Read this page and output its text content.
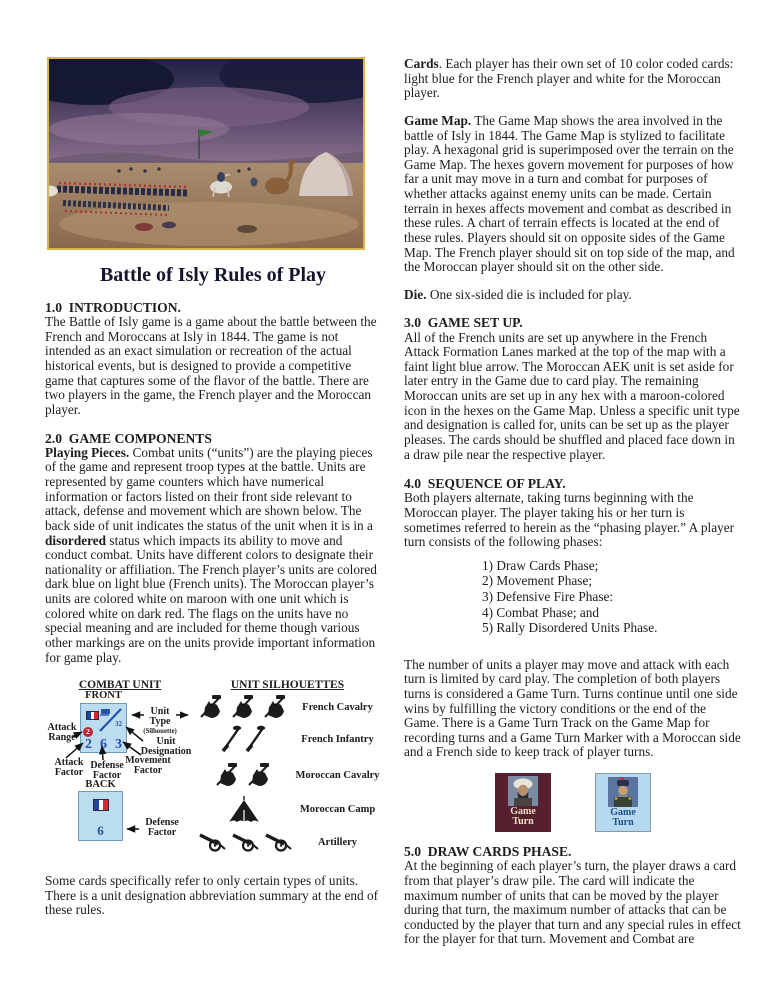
Battle of Isly Rules of Play
1.0  INTRODUCTION.

The Battle of Isly game is a game about the battle between the French and Moroccans at Isly in 1844. The game is not intended as an exact simulation or recreation of the actual historical events, but is designed to provide a competitive game that captures some of the flavor of the battle. There are two players in the game, the French player and the Moroccan player.

2.0  GAME COMPONENTS

Playing Pieces. Combat units (“units”) are the playing pieces of the game and represent troop types at the battle. Units are represented by game counters which have numerical information or factors listed on their front side relevant to attack, defense and movement which are shown below. The back side of unit indicates the status of the unit when it is in a disordered status which impacts its ability to move and conduct combat. Units have different colors to designate their nationality or affiliation. The French player’s units are colored dark blue on light blue (French units). The Moroccan player’s units are colored white on maroon with one unit which is colored white on dark red. The flags on the units have no special meaning and are included for theme though various other markings are on the units provide important information for game play.

COMBAT UNIT	UNIT SILHOUETTES
FRONT
32
2
2 6 3
Attack
Range
Unit
Type
(Silhouette)
Unit
Designation
Attack
Factor
Defense
Factor
Movement
Factor
BACK
6
Defense
Factor
French Cavalry
French Infantry
Moroccan Cavalry
Moroccan Camp
Artillery

Some cards specifically refer to only certain types of units. There is a unit designation abbreviation summary at the end of these rules.

Cards. Each player has their own set of 10 color coded cards: light blue for the French player and white for the Moroccan player.

Game Map. The Game Map shows the area involved in the battle of Isly in 1844. The Game Map is stylized to facilitate play. A hexagonal grid is superimposed over the terrain on the Game Map. The hexes govern movement for purposes of how far a unit may move in a turn and combat for purposes of whether attacks against enemy units can be made. Certain terrain in hexes affects movement and combat as described in these rules. A chart of terrain effects is located at the end of these rules. Players should sit on opposite sides of the Game Map. The French player should sit on top side of the map, and the Moroccan player should sit on the other side.

Die. One six-sided die is included for play.

3.0  GAME SET UP.

All of the French units are set up anywhere in the French Attack Formation Lanes marked at the top of the map with a faint light blue arrow. The Moroccan AEK unit is set aside for later entry in the Game due to card play. The remaining Moroccan units are set up in any hex with a maroon-colored icon in the hexes on the Game Map. Unless a specific unit type and designation is called for, units can be set up as the player pleases. The cards should be shuffled and placed face down in a draw pile near the respective player.

4.0  SEQUENCE OF PLAY.

Both players alternate, taking turns beginning with the Moroccan player. The player taking his or her turn is sometimes referred to herein as the “phasing player.” A player turn consists of the following phases:

1) Draw Cards Phase;
2) Movement Phase;
3) Defensive Fire Phase:
4) Combat Phase; and
5) Rally Disordered Units Phase.

The number of units a player may move and attack with each turn is limited by card play. The completion of both players turns is considered a Game Turn. Turns continue until one side wins by fulfilling the victory conditions or the end of the Game. There is a Game Turn Track on the Game Map for recording turns and a Game Turn Marker with a Moroccan side and a French side to keep track of player turns.

Game
Turn
Game
Turn
5.0  DRAW CARDS PHASE.

At the beginning of each player’s turn, the player draws a card from that player’s draw pile. The card will indicate the maximum number of units that can be moved by the player during that turn, the maximum number of attacks that can be conducted by the player that turn and any special rules in effect for the player for that turn. Movement and Combat are
